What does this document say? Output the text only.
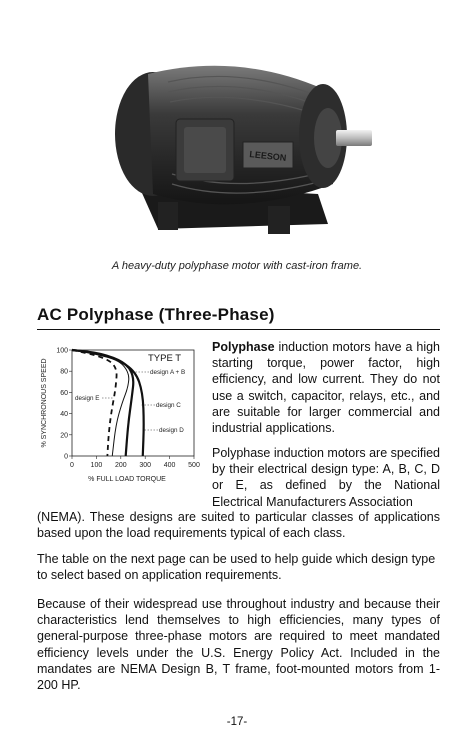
LEESON
A heavy-duty polyphase motor with cast-iron frame.
AC Polyphase (Three-Phase)
0 100 200 300 400 500
0
20
40
60
80
100
% FULL LOAD TORQUE
% SYNCHRONOUS SPEED	TYPE T
design A + B
design E
design C
design D
Polyphase induction motors have a high starting torque, power factor, high efficiency, and low current. They do not use a switch, capacitor, relays, etc., and are suitable for larger commercial and industrial applications.
Polyphase induction motors are specified by their electrical design type: A, B, C, D or E, as defined by the National Electrical Manufacturers Association
(NEMA). These designs are suited to particular classes of applications based upon the load requirements typical of each class.
The table on the next page can be used to help guide which design type to select based on application requirements.
Because of their widespread use throughout industry and because their characteristics lend themselves to high efficiencies, many types of general-purpose three-phase motors are required to meet mandated efficiency levels under the U.S. Energy Policy Act. Included in the mandates are NEMA Design B, T frame, foot-mounted motors from 1-200 HP.
-17-
